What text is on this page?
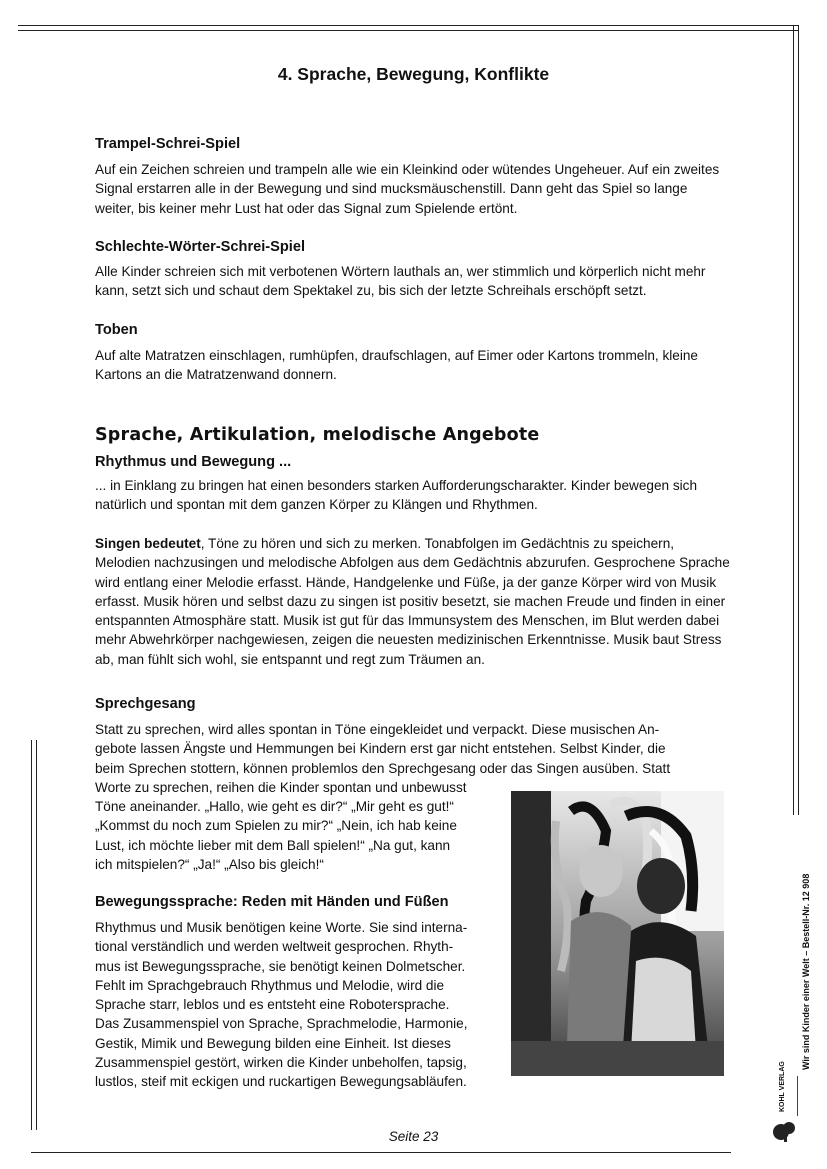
4. Sprache, Bewegung, Konflikte
Trampel-Schrei-Spiel

Auf ein Zeichen schreien und trampeln alle wie ein Kleinkind oder wütendes Ungeheuer. Auf ein zweites Signal erstarren alle in der Bewegung und sind mucksmäuschenstill. Dann geht das Spiel so lange weiter, bis keiner mehr Lust hat oder das Signal zum Spielende ertönt.

Schlechte-Wörter-Schrei-Spiel

Alle Kinder schreien sich mit verbotenen Wörtern lauthals an, wer stimmlich und körperlich nicht mehr kann, setzt sich und schaut dem Spektakel zu, bis sich der letzte Schreihals erschöpft setzt.

Toben

Auf alte Matratzen einschlagen, rumhüpfen, draufschlagen, auf Eimer oder Kartons trommeln, kleine Kartons an die Matratzenwand donnern.

Sprache, Artikulation, melodische Angebote
Rhythmus und Bewegung ...

... in Einklang zu bringen hat einen besonders starken Aufforderungscharakter. Kinder bewegen sich natürlich und spontan mit dem ganzen Körper zu Klängen und Rhythmen.

Singen bedeutet, Töne zu hören und sich zu merken. Tonabfolgen im Gedächtnis zu speichern, Melodien nachzusingen und melodische Abfolgen aus dem Gedächtnis abzurufen. Gesprochene Sprache wird entlang einer Melodie erfasst. Hände, Handgelenke und Füße, ja der ganze Körper wird von Musik erfasst. Musik hören und selbst dazu zu singen ist positiv besetzt, sie machen Freude und finden in einer entspannten Atmosphäre statt. Musik ist gut für das Immunsystem des Menschen, im Blut werden dabei mehr Abwehrkörper nachgewiesen, zeigen die neuesten medizinischen Erkenntnisse. Musik baut Stress ab, man fühlt sich wohl, sie entspannt und regt zum Träumen an.

Sprechgesang

Statt zu sprechen, wird alles spontan in Töne eingekleidet und verpackt. Diese musischen An-

gebote lassen Ängste und Hemmungen bei Kindern erst gar nicht entstehen. Selbst Kinder, die

beim Sprechen stottern, können problemlos den Sprechgesang oder das Singen ausüben. Statt

Worte zu sprechen, reihen die Kinder spontan und unbewusst

Töne aneinander. „Hallo, wie geht es dir?“ „Mir geht es gut!“

„Kommst du noch zum Spielen zu mir?“ „Nein, ich hab keine

Lust, ich möchte lieber mit dem Ball spielen!“ „Na gut, kann

ich mitspielen?“ „Ja!“ „Also bis gleich!“

Bewegungssprache: Reden mit Händen und Füßen

Rhythmus und Musik benötigen keine Worte. Sie sind interna-

tional verständlich und werden weltweit gesprochen. Rhyth-

mus ist Bewegungssprache, sie benötigt keinen Dolmetscher.

Fehlt im Sprachgebrauch Rhythmus und Melodie, wird die

Sprache starr, leblos und es entsteht eine Robotersprache.

Das Zusammenspiel von Sprache, Sprachmelodie, Harmonie,

Gestik, Mimik und Bewegung bilden eine Einheit. Ist dieses

Zusammenspiel gestört, wirken die Kinder unbeholfen, tapsig,

lustlos, steif mit eckigen und ruckartigen Bewegungsabläufen.

Wir sind Kinder einer Welt – Bestell-Nr. 12 908
KOHL VERLAG
Seite 23
